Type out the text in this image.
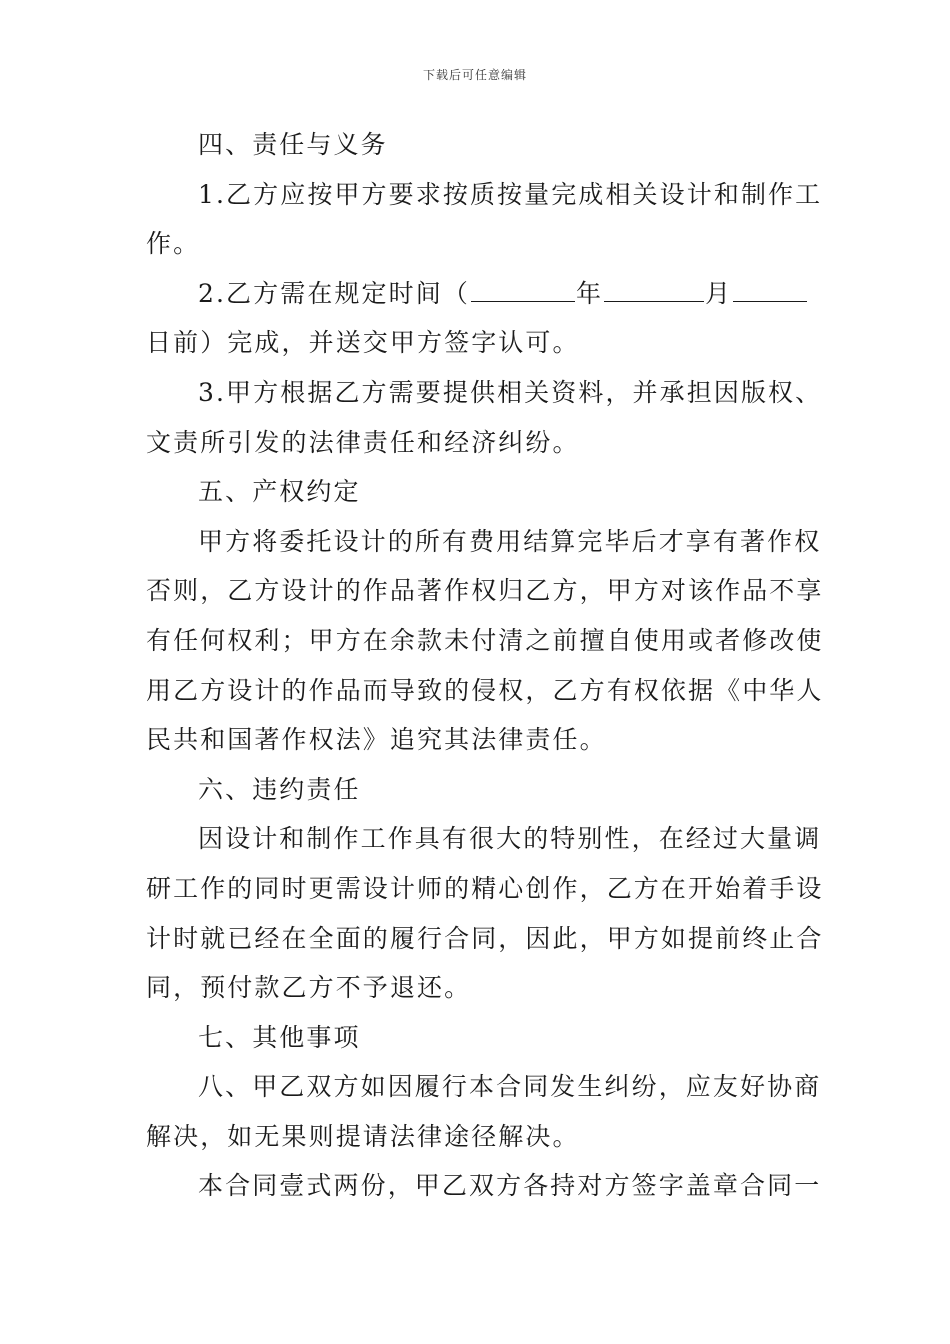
下载后可任意编辑
四、责任与义务
1.乙方应按甲方要求按质按量完成相关设计和制作工
作。
2.乙方需在规定时间（	年	月
日前）完成，并送交甲方签字认可。
3.甲方根据乙方需要提供相关资料，并承担因版权、
文责所引发的法律责任和经济纠纷。
五、产权约定
甲方将委托设计的所有费用结算完毕后才享有著作权
否则，乙方设计的作品著作权归乙方，甲方对该作品不享
有任何权利；甲方在余款未付清之前擅自使用或者修改使
用乙方设计的作品而导致的侵权，乙方有权依据《中华人
民共和国著作权法》追究其法律责任。
六、违约责任
因设计和制作工作具有很大的特别性，在经过大量调
研工作的同时更需设计师的精心创作，乙方在开始着手设
计时就已经在全面的履行合同，因此，甲方如提前终止合
同，预付款乙方不予退还。
七、其他事项
八、甲乙双方如因履行本合同发生纠纷，应友好协商
解决，如无果则提请法律途径解决。
本合同壹式两份，甲乙双方各持对方签字盖章合同一
